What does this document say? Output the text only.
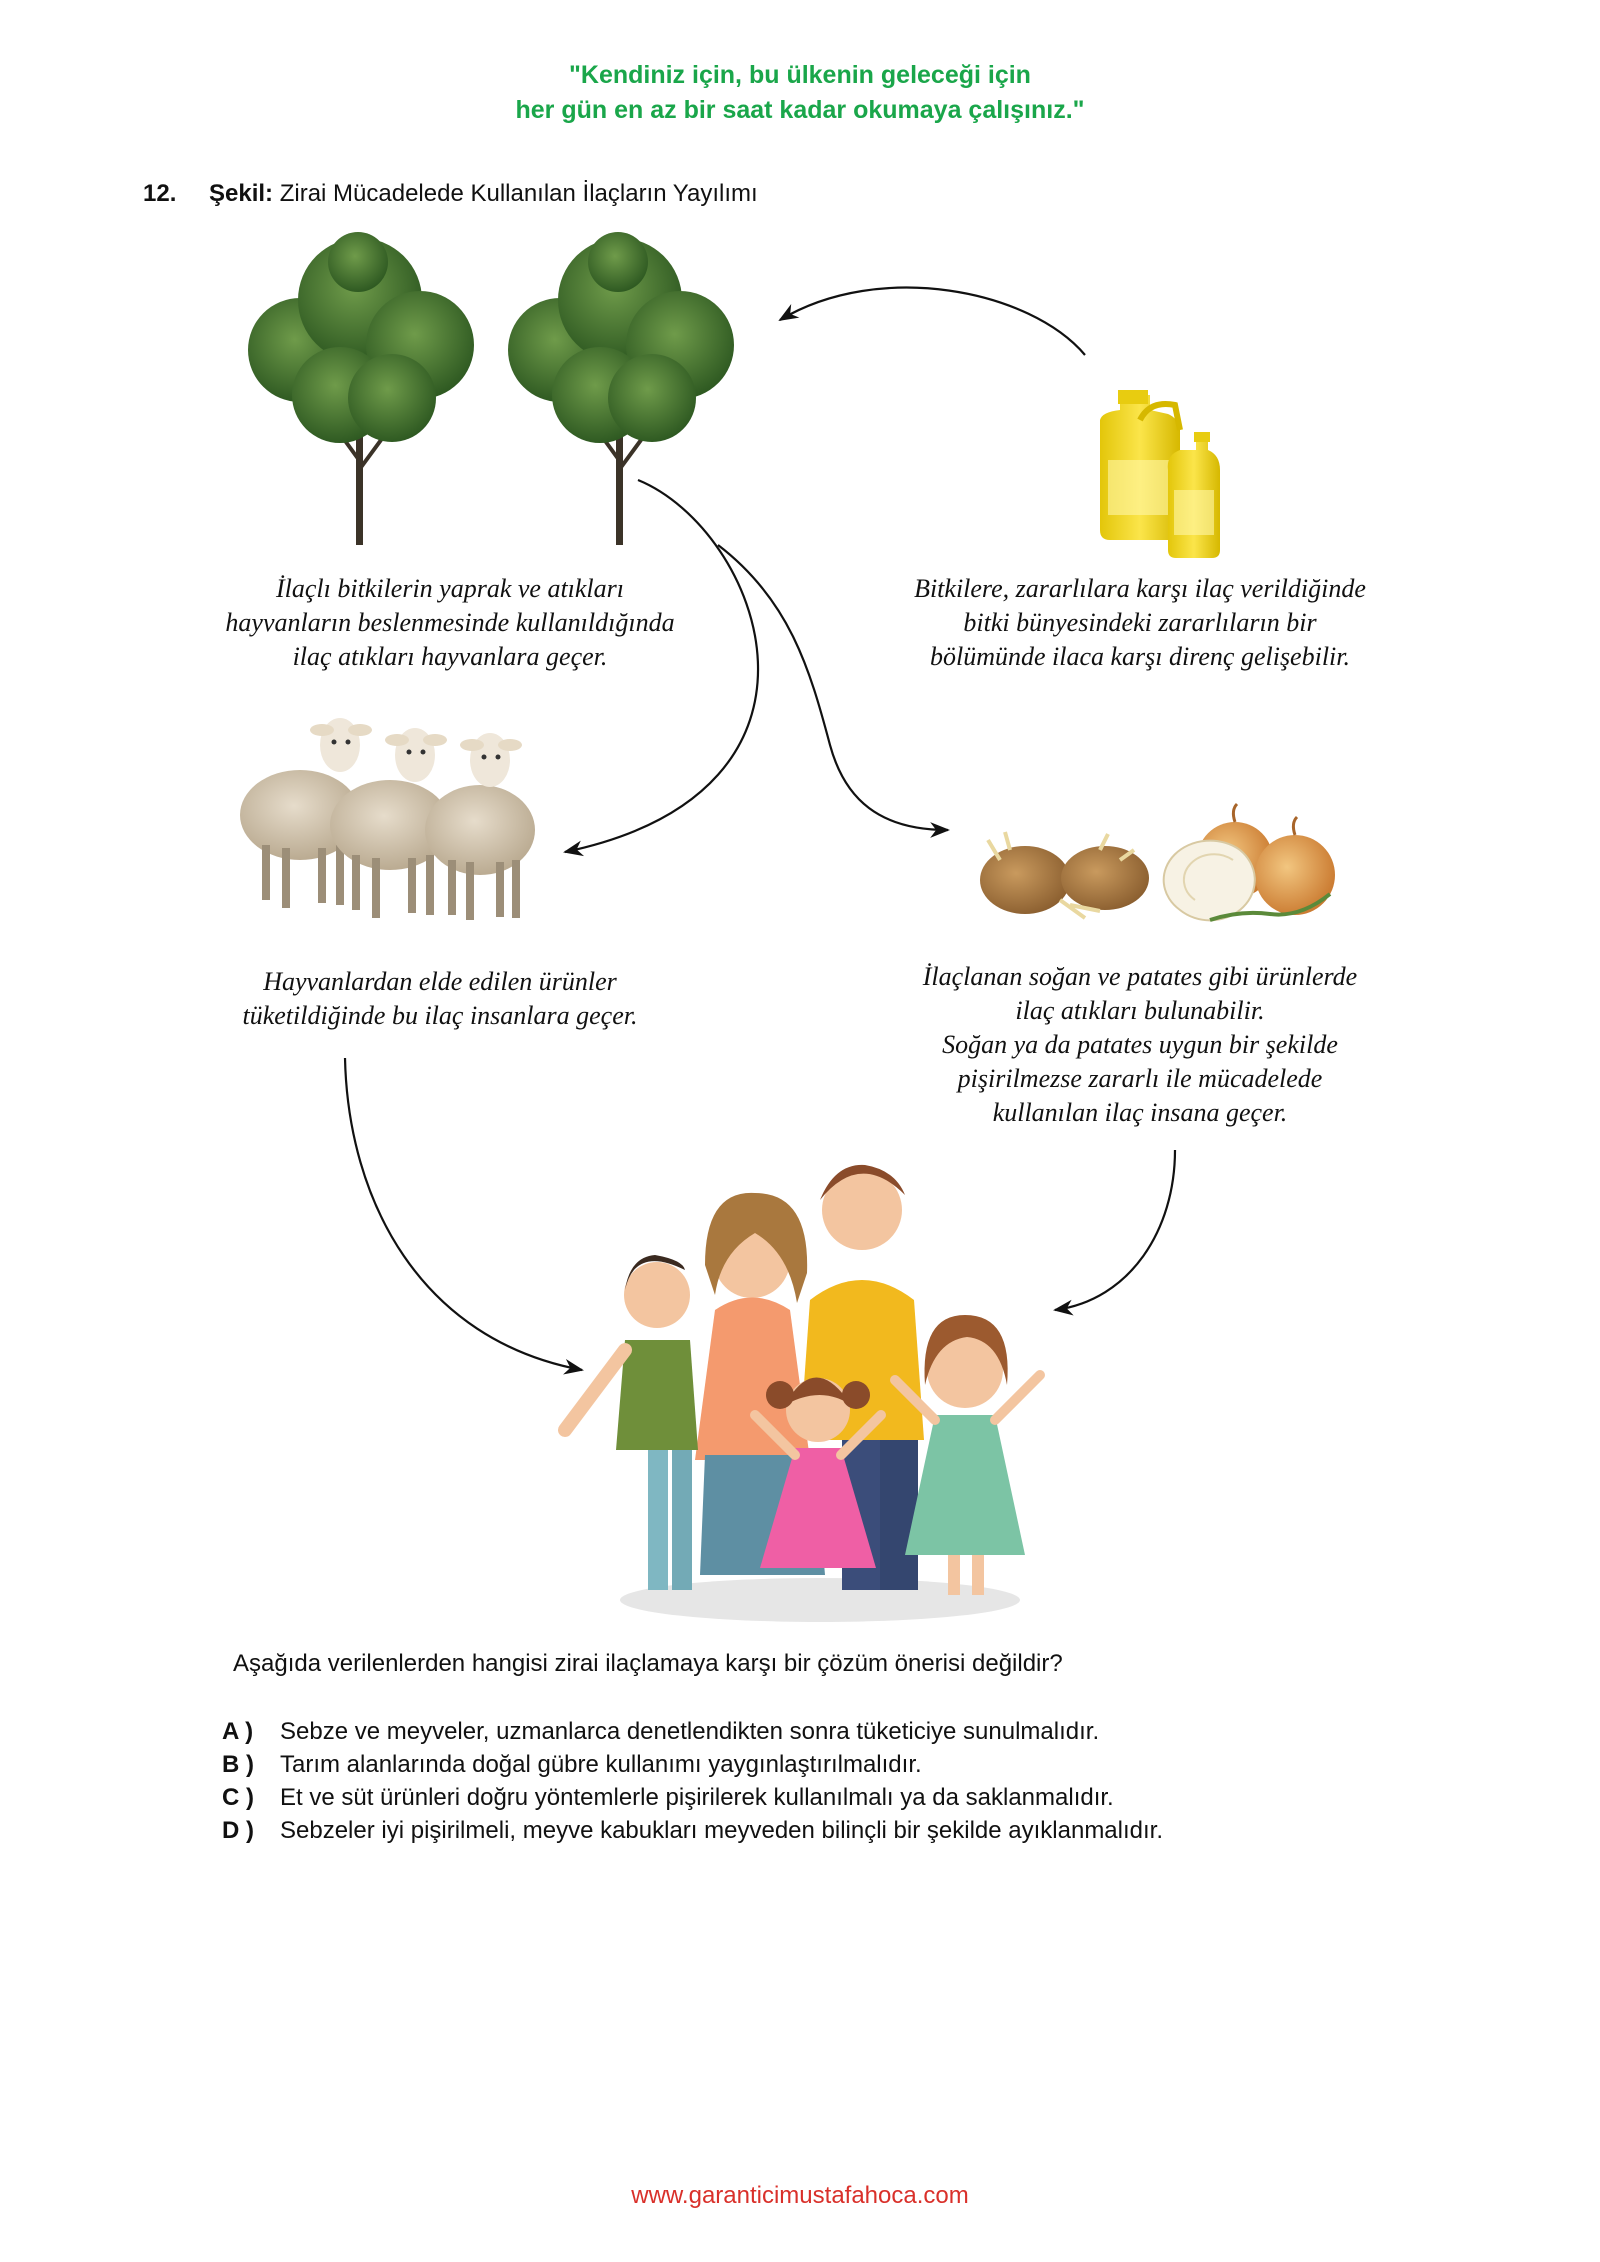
"Kendiniz için, bu ülkenin geleceği için
her gün en az bir saat kadar okumaya çalışınız."
12. Şekil: Zirai Mücadelede Kullanılan İlaçların Yayılımı
İlaçlı bitkilerin yaprak ve atıkları
hayvanların beslenmesinde kullanıldığında
ilaç atıkları hayvanlara geçer.
Bitkilere, zararlılara karşı ilaç verildiğinde
bitki bünyesindeki zararlıların bir
bölümünde ilaca karşı direnç gelişebilir.
Hayvanlardan elde edilen ürünler
tüketildiğinde bu ilaç insanlara geçer.
İlaçlanan soğan ve patates gibi ürünlerde
ilaç atıkları bulunabilir.
Soğan ya da patates uygun bir şekilde
pişirilmezse zararlı ile mücadelede
kullanılan ilaç insana geçer.
Aşağıda verilenlerden hangisi zirai ilaçlamaya karşı bir çözüm önerisi değildir?
A ) Sebze ve meyveler, uzmanlarca denetlendikten sonra tüketiciye sunulmalıdır.
B ) Tarım alanlarında doğal gübre kullanımı yaygınlaştırılmalıdır.
C ) Et ve süt ürünleri doğru yöntemlerle pişirilerek kullanılmalı ya da saklanmalıdır.
D ) Sebzeler iyi pişirilmeli, meyve kabukları meyveden bilinçli bir şekilde ayıklanmalıdır.
www.garanticimustafahoca.com
